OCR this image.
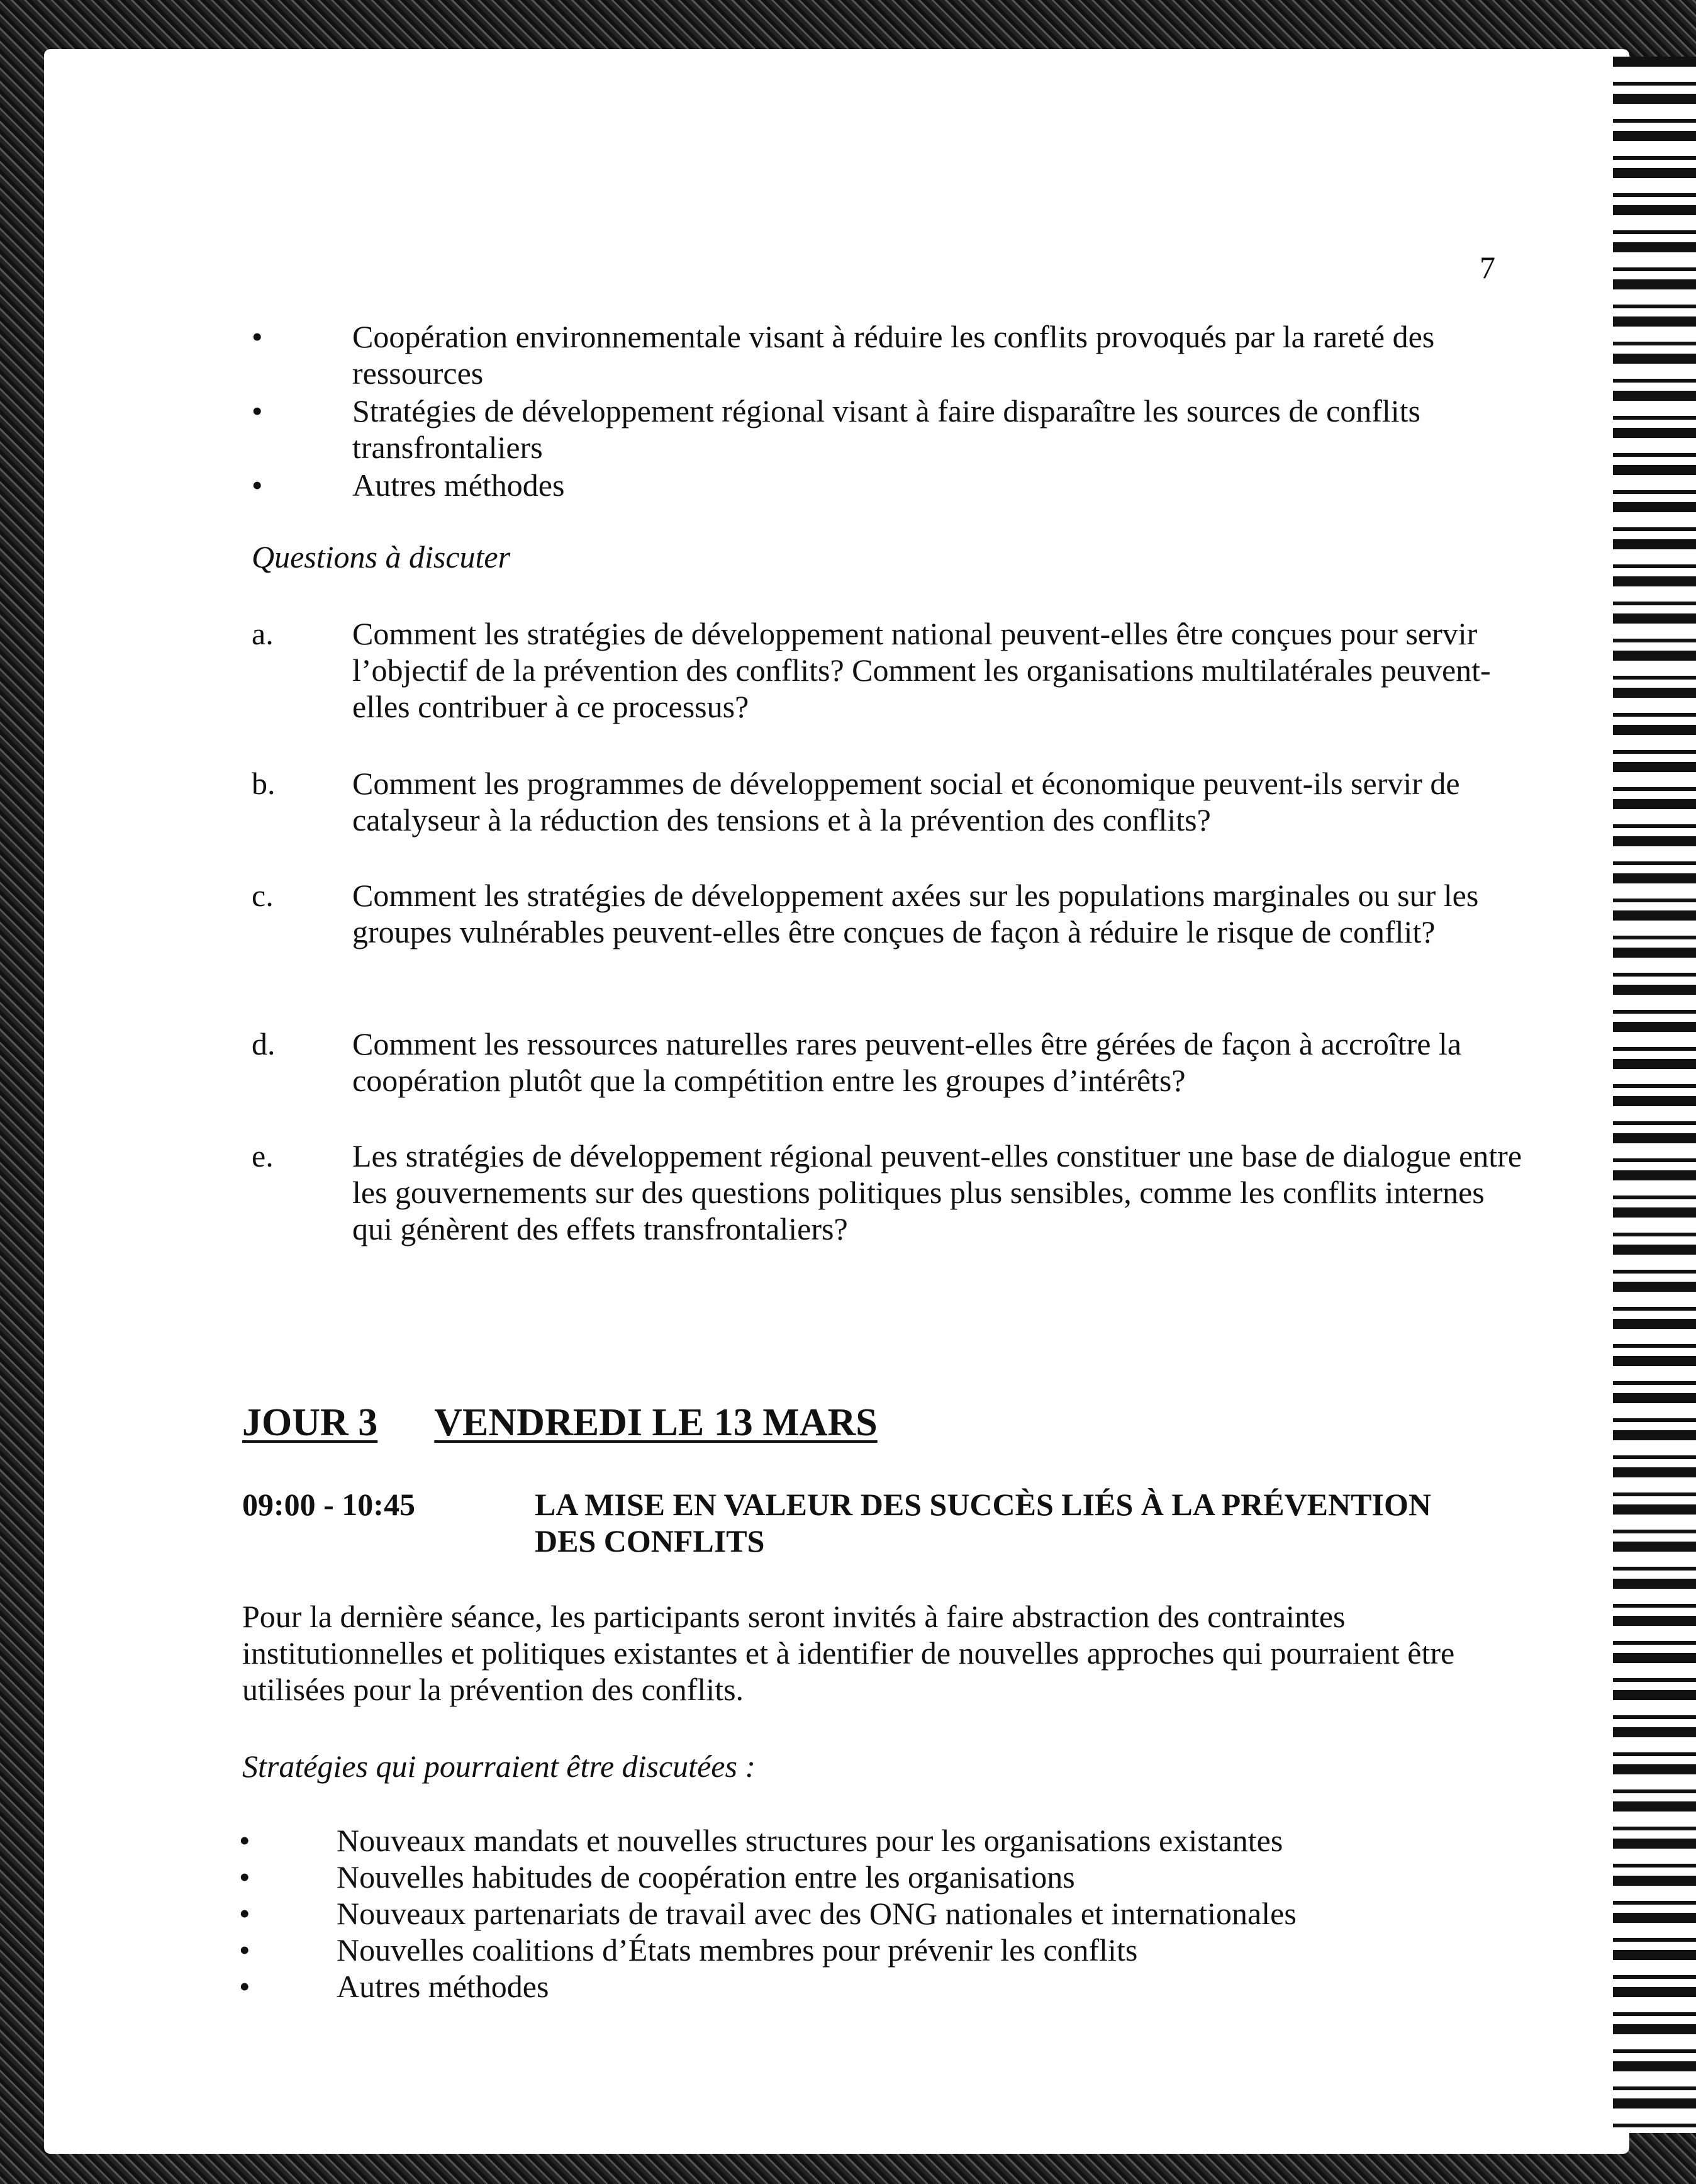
7
•	Coopération environnementale visant à réduire les conflits provoqués par la rareté des ressources
•	Stratégies de développement régional visant à faire disparaître les sources de conflits transfrontaliers
•	Autres méthodes
Questions à discuter
a.	Comment les stratégies de développement national peuvent-elles être conçues pour servir l’objectif de la prévention des conflits? Comment les organisations multilatérales peuvent-elles contribuer à ce processus?
b. Comment les programmes de développement social et économique peuvent-ils servir de catalyseur à la réduction des tensions et à la prévention des conflits?
c.	Comment les stratégies de développement axées sur les populations marginales ou sur les groupes vulnérables peuvent-elles être conçues de façon à réduire le risque de conflit?
d. Comment les ressources naturelles rares peuvent-elles être gérées de façon à accroître la coopération plutôt que la compétition entre les groupes d’intérêts?
e.	Les stratégies de développement régional peuvent-elles constituer une base de dialogue entre les gouvernements sur des questions politiques plus sensibles, comme les conflits internes qui génèrent des effets transfrontaliers?
JOUR 3 VENDREDI LE 13 MARS
09:00 - 10:45	LA MISE EN VALEUR DES SUCCÈS LIÉS À LA PRÉVENTION DES CONFLITS
Pour la dernière séance, les participants seront invités à faire abstraction des contraintes institutionnelles et politiques existantes et à identifier de nouvelles approches qui pourraient être utilisées pour la prévention des conflits.
Stratégies qui pourraient être discutées :
•	Nouveaux mandats et nouvelles structures pour les organisations existantes
•	Nouvelles habitudes de coopération entre les organisations
•	Nouveaux partenariats de travail avec des ONG nationales et internationales
•	Nouvelles coalitions d’États membres pour prévenir les conflits
•	Autres méthodes
